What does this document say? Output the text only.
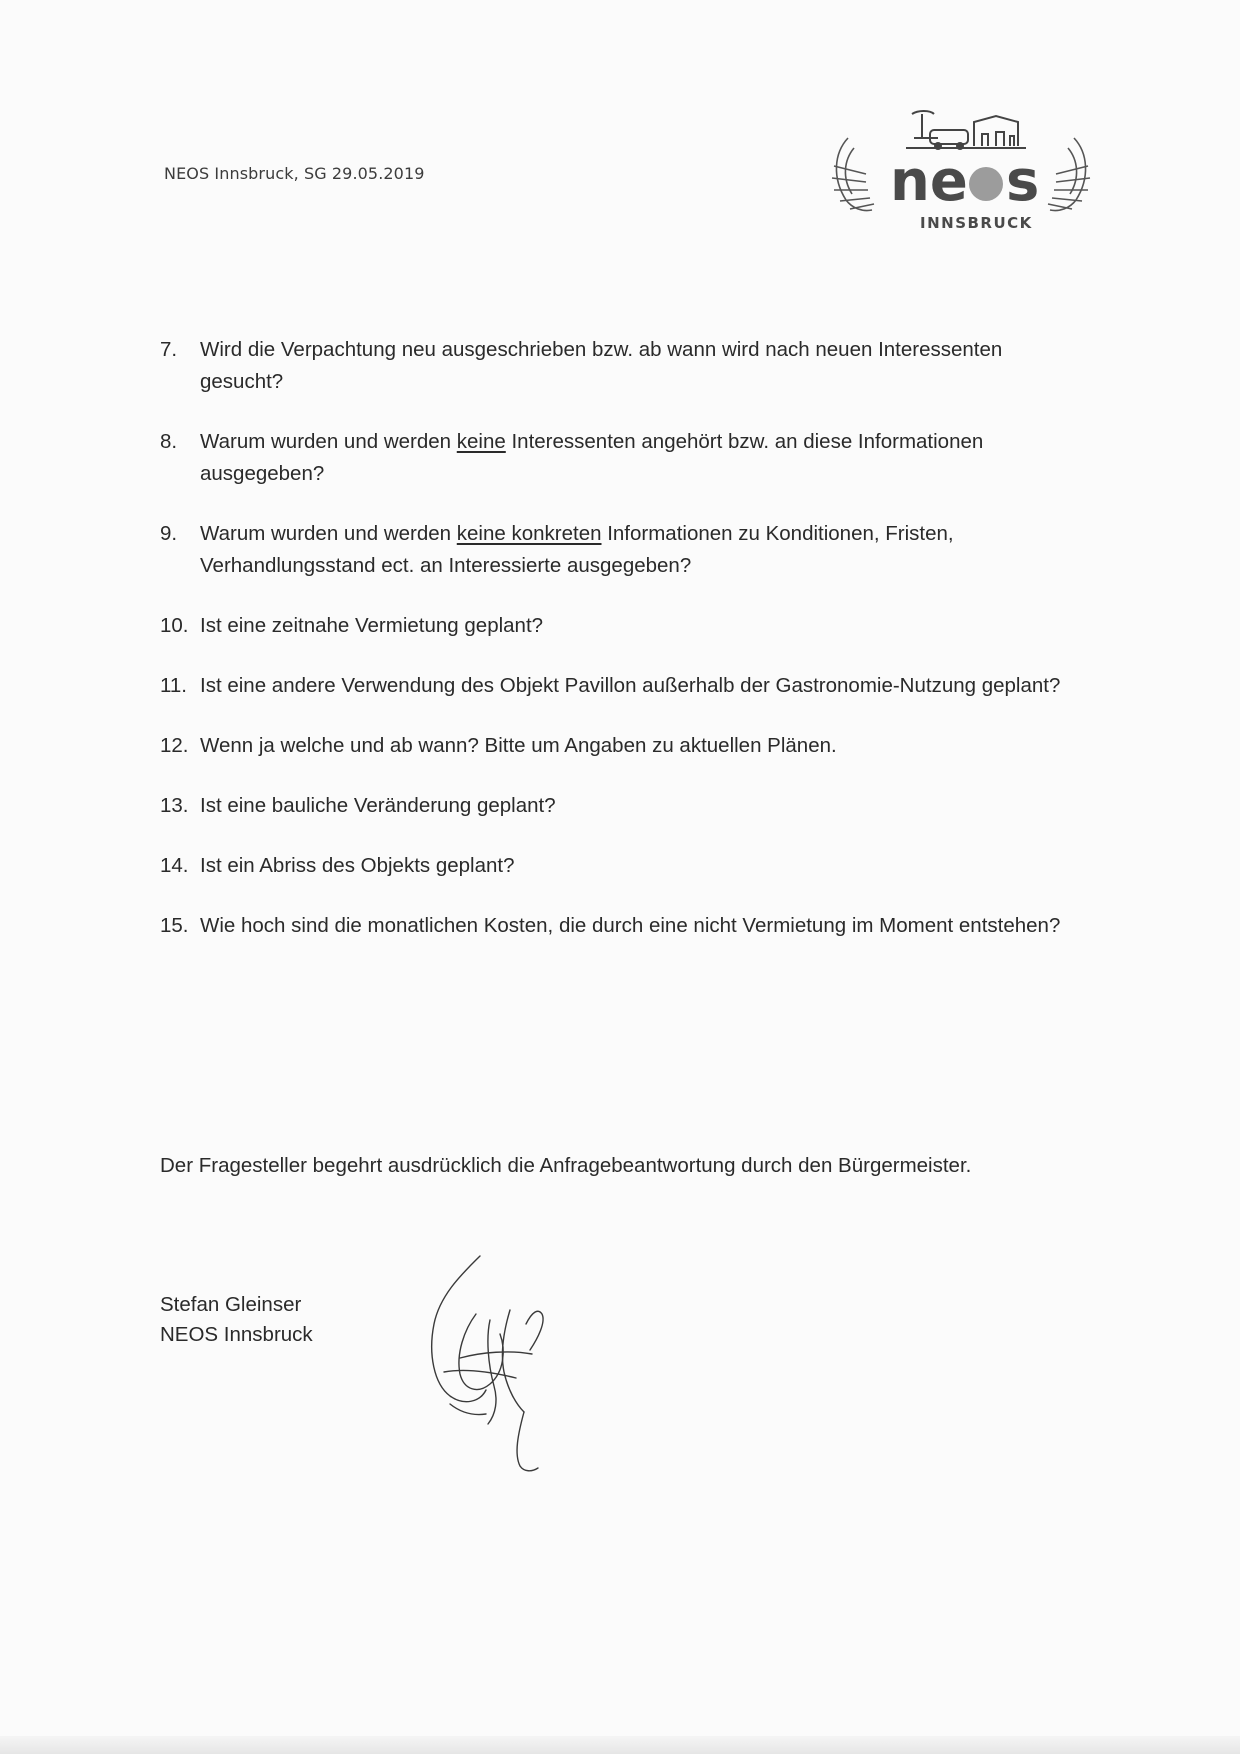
NEOS Innsbruck, SG 29.05.2019	ne s
INNSBRUCK
7. Wird die Verpachtung neu ausgeschrieben bzw. ab wann wird nach neuen Interessenten gesucht?
8. Warum wurden und werden keine Interessenten angehört bzw. an diese Informationen ausgegeben?
9. Warum wurden und werden keine konkreten Informationen zu Konditionen, Fristen, Verhandlungsstand ect. an Interessierte ausgegeben?
10. Ist eine zeitnahe Vermietung geplant?
11. Ist eine andere Verwendung des Objekt Pavillon außerhalb der Gastronomie-Nutzung geplant?
12. Wenn ja welche und ab wann? Bitte um Angaben zu aktuellen Plänen.
13. Ist eine bauliche Veränderung geplant?
14. Ist ein Abriss des Objekts geplant?
15. Wie hoch sind die monatlichen Kosten, die durch eine nicht Vermietung im Moment entstehen?
Der Fragesteller begehrt ausdrücklich die Anfragebeantwortung durch den Bürgermeister.
Stefan Gleinser
NEOS Innsbruck
